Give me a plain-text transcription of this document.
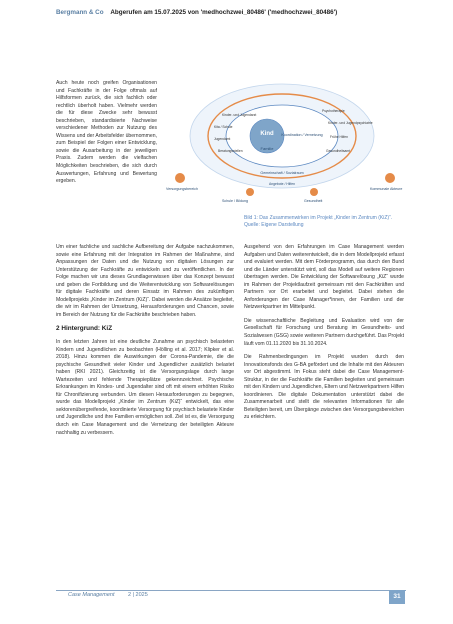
Bergmann & Co Abgerufen am 15.07.2025 von 'medhochzwei_80486' ('medhochzwei_80486')

Auch heute noch greifen Organisationen und Fachkräfte in der Folge oftmals auf Hilfsformen zurück, die sich fachlich oder rechtlich überholt haben. Vielmehr werden die für diese Zwecke sehr bewusst beschrieben, standardisierte Nachweise verschiedener Methoden zur Nutzung des Wissens und der Arbeitsfelder übernommen, zum Beispiel der Folgen einer Entwicklung, sowie die Ausarbeitung in der jeweiligen Praxis. Zudem werden die vielfachen Möglichkeiten beschrieben, die sich durch Auswertungen, Erfahrung und Bewertung ergeben.

Kind
Familie
Koordination / Vernetzung
Kinder- und Jugendarzt
Kita / Schule
Jugendamt
Beratungsstellen
Psychotherapie
Kinder- und Jugendpsychiatrie
Frühe Hilfen
Gesundheitsamt
Gemeinschaft / Sozialraum
Versorgungsbereich	Kommunale Akteure
Schule / Bildung	Gesundheit
Angebote / Hilfen
Bild 1: Das Zusammenwirken im Projekt „Kinder im Zentrum (KiZ)“. Quelle: Eigene Darstellung

Um einer fachliche und sachliche Aufbereitung der Aufgabe nachzukommen, sowie eine Erfahrung mit der Integration im Rahmen der Maßnahme, sind Anpassungen der Daten und die Nutzung von digitalen Lösungen zur Unterstützung der Fachkräfte zu entwickeln und zu veröffentlichen. In der Folge machen wir uns dieses Grundlagenwissen über das Konzept bewusst und geben die Fortbildung und die Weiterentwicklung von Softwarelösungen für digitale Fachkräfte und deren Einsatz im Rahmen des zukünftigen Modellprojekts „Kinder im Zentrum (KiZ)“. Dabei werden die Ansätze begleitet, die wir im Rahmen der Umsetzung, Herausforderungen und Chancen, sowie im Bereich der Nutzung für die Fachkräfte beschrieben haben.

2 Hintergrund: KiZ

In den letzten Jahren ist eine deutliche Zunahme an psychisch belasteten Kindern und Jugendlichen zu beobachten (Hölling et al. 2017; Klipker et al. 2018). Hinzu kommen die Auswirkungen der Corona-Pandemie, die die psychische Gesundheit vieler Kinder und Jugendlicher zusätzlich belastet haben (RKI 2021). Gleichzeitig ist die Versorgungslage durch lange Wartezeiten und fehlende Therapieplätze gekennzeichnet. Psychische Erkrankungen im Kindes- und Jugendalter sind oft mit einem erhöhten Risiko für Chronifizierung verbunden. Um diesen Herausforderungen zu begegnen, wurde das Modellprojekt „Kinder im Zentrum (KiZ)“ entwickelt, das eine sektorenübergreifende, koordinierte Versorgung für psychisch belastete Kinder und Jugendliche und ihre Familien ermöglichen soll. Ziel ist es, die Versorgung durch ein Case Management und die Vernetzung der beteiligten Akteure nachhaltig zu verbessern.

Ausgehend von den Erfahrungen im Case Management werden Aufgaben und Daten weiterentwickelt, die in dem Modellprojekt erfasst und evaluiert werden. Mit dem Förderprogramm, das durch den Bund und die Länder unterstützt wird, soll das Modell auf weitere Regionen übertragen werden. Die Entwicklung der Softwarelösung „KiZ“ wurde im Rahmen der Projektlaufzeit gemeinsam mit den Fachkräften und Partnern vor Ort erarbeitet und begleitet. Dabei stehen die Anforderungen der Case Manager*innen, der Familien und der Netzwerkpartner im Mittelpunkt.

Die wissenschaftliche Begleitung und Evaluation wird von der Gesellschaft für Forschung und Beratung im Gesundheits- und Sozialwesen (GSG) sowie weiteren Partnern durchgeführt. Das Projekt läuft vom 01.11.2020 bis 31.10.2024.

Die Rahmenbedingungen im Projekt wurden durch den Innovationsfonds des G-BA gefördert und die Inhalte mit den Akteuren vor Ort abgestimmt. Im Fokus steht dabei die Case Management-Struktur, in der die Fachkräfte die Familien begleiten und gemeinsam mit den Kindern und Jugendlichen, Eltern und Netzwerkpartnern Hilfen koordinieren. Die digitale Dokumentation unterstützt dabei die Zusammenarbeit und stellt die relevanten Informationen für alle Beteiligten bereit, um Übergänge zwischen den Versorgungsbereichen zu erleichtern.

Case Management 2 | 2025	31
